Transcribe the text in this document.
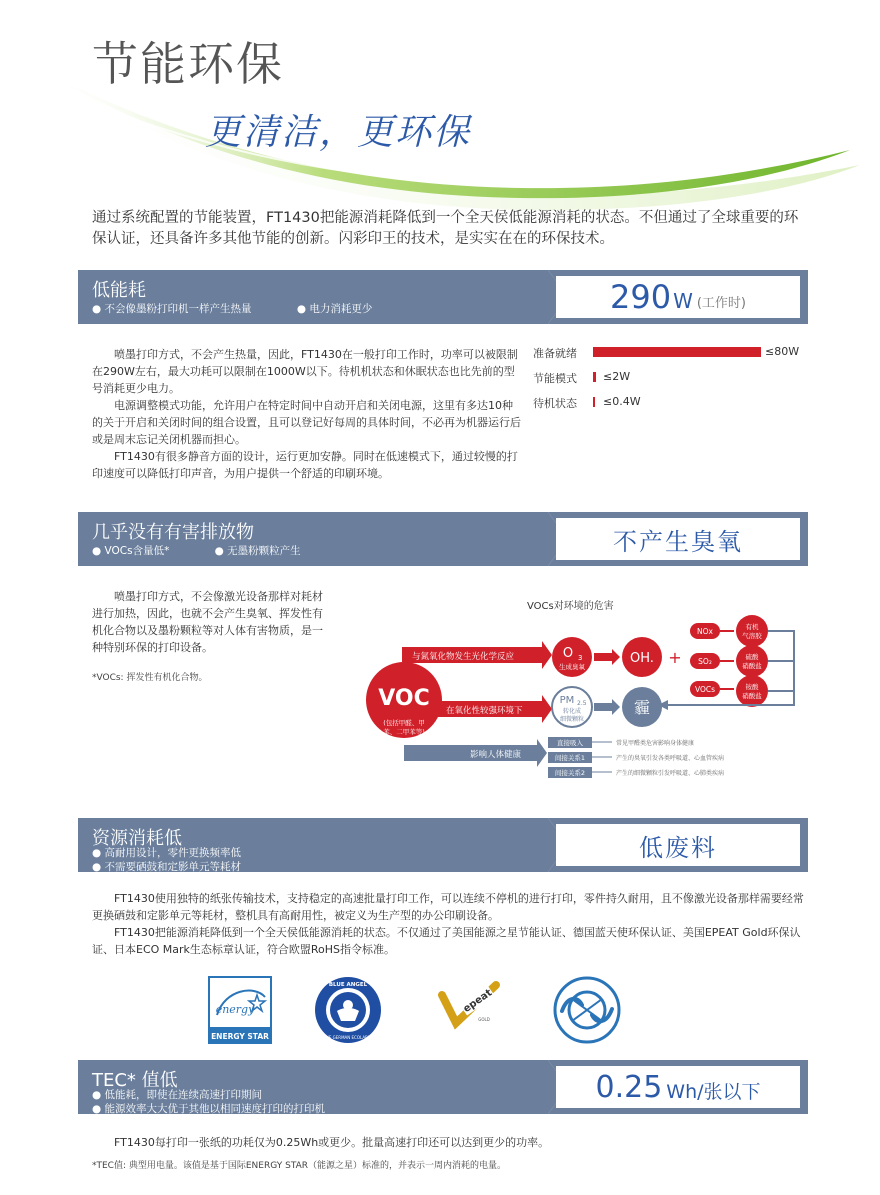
节能环保
更清洁，更环保
通过系统配置的节能装置，FT1430把能源消耗降低到一个全天侯低能源消耗的状态。不但通过了全球重要的环保认证，还具备许多其他节能的创新。闪彩印王的技术，是实实在在的环保技术。
低能耗
● 不会像墨粉打印机一样产生热量	● 电力消耗更少	290 W (工作时)

喷墨打印方式，不会产生热量，因此，FT1430在一般打印工作时，功率可以被限制在290W左右，最大功耗可以限制在1000W以下。待机机状态和休眠状态也比先前的型号消耗更少电力。

电源调整模式功能，允许用户在特定时间中自动开启和关闭电源，这里有多达10种的关于开启和关闭时间的组合设置，且可以登记好每周的具体时间，不必再为机器运行后或是周末忘记关闭机器而担心。

FT1430有很多静音方面的设计，运行更加安静。同时在低速模式下，通过较慢的打印速度可以降低打印声音，为用户提供一个舒适的印刷环境。

准备就绪	≤80W
节能模式 ≤2W
待机状态 ≤0.4W
几乎没有有害排放物
● VOCs含量低*	● 无墨粉颗粒产生	不产生臭氧

喷墨打印方式，不会像激光设备那样对耗材进行加热，因此，也就不会产生臭氧、挥发性有机化合物以及墨粉颗粒等对人体有害物质，是一种特别环保的打印设备。

*VOCs: 挥发性有机化合物。
VOCs对环境的危害
与氮氧化物发生光化学反应
在氧化性较强环境下
影响人体健康
VOC
(包括甲醛、甲
苯、二甲苯等)
O 3
生成臭氧
OH. +
NOx
SO₂
VOCs
有机
气溶胶
硫酸
硝酸盐
铵酸
硝酸盐
PM 2.5
转化成
细微颗粒
霾
直接吸入
间接关系1
间接关系2
常见甲醛类危害影响身体健康
产生的臭氧引发各类呼吸道、心血管疾病
产生的细微颗粒引发呼吸道、心肺类疾病
资源消耗低
● 高耐用设计，零件更换频率低
● 不需要硒鼓和定影单元等耗材
低废料

FT1430使用独特的纸张传输技术，支持稳定的高速批量打印工作，可以连续不停机的进行打印，零件持久耐用，且不像激光设备那样需要经常更换硒鼓和定影单元等耗材，整机具有高耐用性，被定义为生产型的办公印刷设备。

FT1430把能源消耗降低到一个全天侯低能源消耗的状态。不仅通过了美国能源之星节能认证、德国蓝天使环保认证、美国EPEAT Gold环保认证、日本ECO Mark生态标章认证，符合欧盟RoHS指令标准。

energy
ENERGY STAR
BLUE ANGEL
THE GERMAN ECOLABEL
epeat
GOLD
TEC* 值低
● 低能耗，即使在连续高速打印期间
● 能源效率大大优于其他以相同速度打印的打印机
0.25 Wh/张以下

FT1430每打印一张纸的功耗仅为0.25Wh或更少。批量高速打印还可以达到更少的功率。

*TEC值: 典型用电量。该值是基于国际ENERGY STAR（能源之星）标准的，并表示一周内消耗的电量。
